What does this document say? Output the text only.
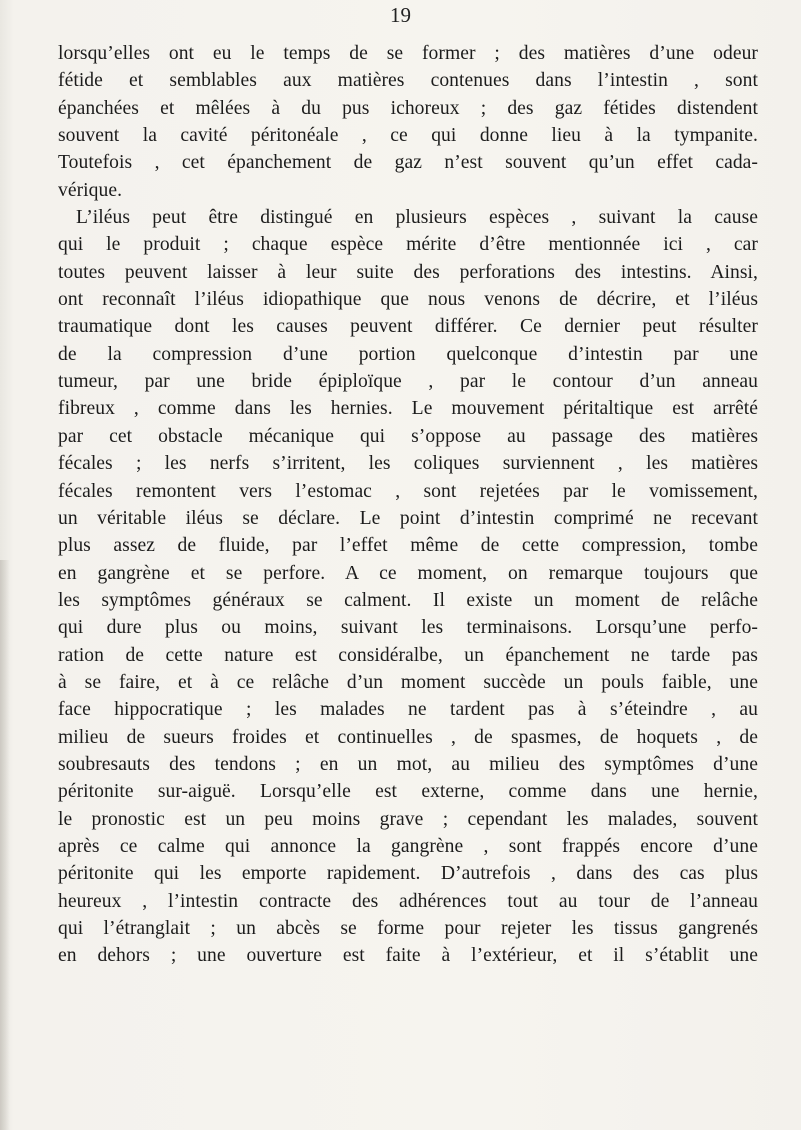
19
lorsqu’elles ont eu le temps de se former ; des matières d’une odeur
fétide et semblables aux matières contenues dans l’intestin , sont
épanchées et mêlées à du pus ichoreux ; des gaz fétides distendent
souvent la cavité péritonéale , ce qui donne lieu à la tympanite.
Toutefois , cet épanchement de gaz n’est souvent qu’un effet cada-
vérique.
L’iléus peut être distingué en plusieurs espèces , suivant la cause
qui le produit ; chaque espèce mérite d’être mentionnée ici , car
toutes peuvent laisser à leur suite des perforations des intestins. Ainsi,
ont reconnaît l’iléus idiopathique que nous venons de décrire, et l’iléus
traumatique dont les causes peuvent différer. Ce dernier peut résulter
de la compression d’une portion quelconque d’intestin par une
tumeur, par une bride épiploïque , par le contour d’un anneau
fibreux , comme dans les hernies. Le mouvement péritaltique est arrêté
par cet obstacle mécanique qui s’oppose au passage des matières
fécales ; les nerfs s’irritent, les coliques surviennent , les matières
fécales remontent vers l’estomac , sont rejetées par le vomissement,
un véritable iléus se déclare. Le point d’intestin comprimé ne recevant
plus assez de fluide, par l’effet même de cette compression, tombe
en gangrène et se perfore. A ce moment, on remarque toujours que
les symptômes généraux se calment. Il existe un moment de relâche
qui dure plus ou moins, suivant les terminaisons. Lorsqu’une perfo-
ration de cette nature est considéralbe, un épanchement ne tarde pas
à se faire, et à ce relâche d’un moment succède un pouls faible, une
face hippocratique ; les malades ne tardent pas à s’éteindre , au
milieu de sueurs froides et continuelles , de spasmes, de hoquets , de
soubresauts des tendons ; en un mot, au milieu des symptômes d’une
péritonite sur-aiguë. Lorsqu’elle est externe, comme dans une hernie,
le pronostic est un peu moins grave ; cependant les malades, souvent
après ce calme qui annonce la gangrène , sont frappés encore d’une
péritonite qui les emporte rapidement. D’autrefois , dans des cas plus
heureux , l’intestin contracte des adhérences tout au tour de l’anneau
qui l’étranglait ; un abcès se forme pour rejeter les tissus gangrenés
en dehors ; une ouverture est faite à l’extérieur, et il s’établit une
